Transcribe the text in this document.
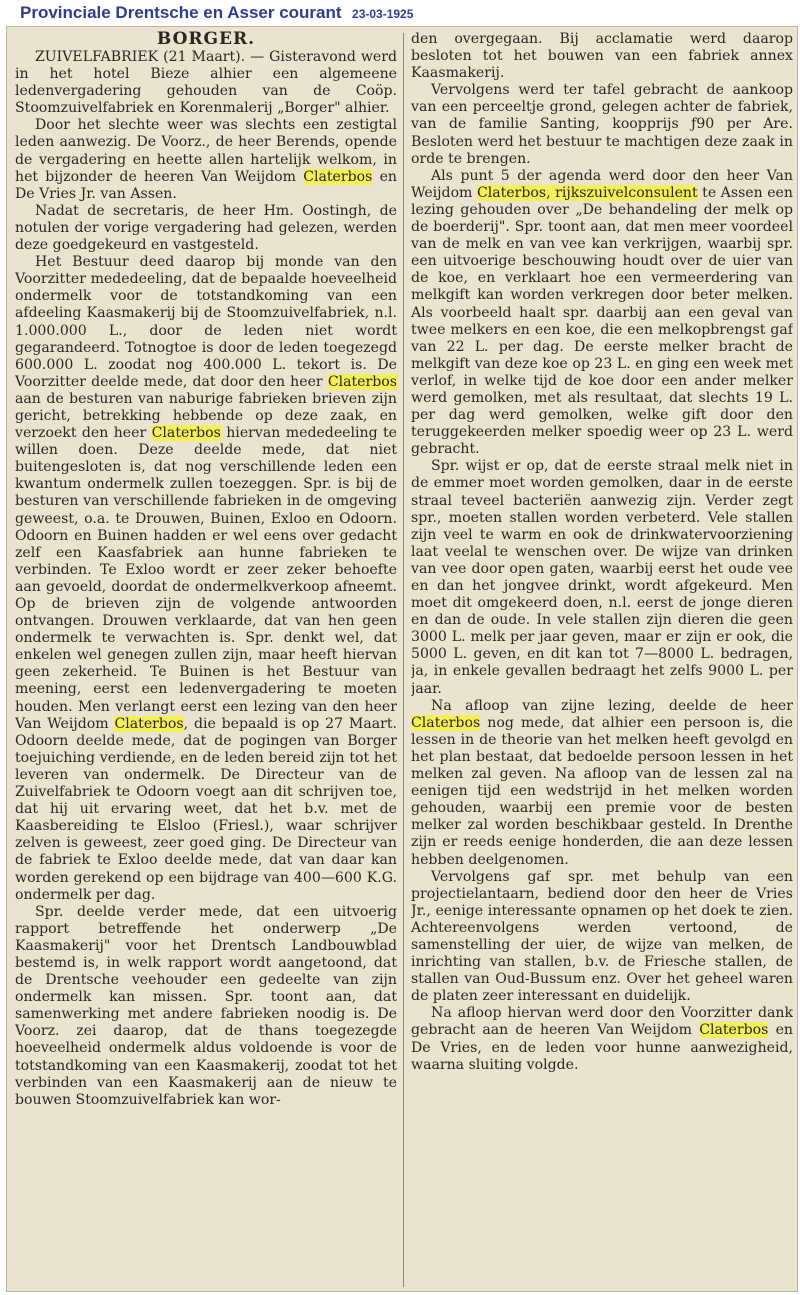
Provinciale Drentsche en Asser courant 23-03-1925
BORGER.

ZUIVELFABRIEK (21 Maart). — Gisteravond werd in het hotel Bieze alhier een algemeene ledenvergadering gehouden van de Coöp. Stoomzuivelfabriek en Korenmalerij „Borger" alhier.

Door het slechte weer was slechts een zestigtal leden aanwezig. De Voorz., de heer Berends, opende de vergadering en heette allen hartelijk welkom, in het bijzonder de heeren Van Weijdom Claterbos en De Vries Jr. van Assen.

Nadat de secretaris, de heer Hm. Oostingh, de notulen der vorige vergadering had gelezen, werden deze goedgekeurd en vastgesteld.

Het Bestuur deed daarop bij monde van den Voorzitter mededeeling, dat de bepaalde hoeveelheid ondermelk voor de totstandkoming van een afdeeling Kaasmakerij bij de Stoomzuivelfabriek, n.l. 1.000.000 L., door de leden niet wordt gegarandeerd. Totnogtoe is door de leden toegezegd 600.000 L. zoodat nog 400.000 L. tekort is. De Voorzitter deelde mede, dat door den heer Claterbos aan de besturen van naburige fabrieken brieven zijn gericht, betrekking hebbende op deze zaak, en verzoekt den heer Claterbos hiervan mededeeling te willen doen. Deze deelde mede, dat niet buitengesloten is, dat nog verschillende leden een kwantum ondermelk zullen toezeggen. Spr. is bij de besturen van verschillende fabrieken in de omgeving geweest, o.a. te Drouwen, Buinen, Exloo en Odoorn. Odoorn en Buinen hadden er wel eens over gedacht zelf een Kaasfabriek aan hunne fabrieken te verbinden. Te Exloo wordt er zeer zeker behoefte aan gevoeld, doordat de ondermelkverkoop afneemt. Op de brieven zijn de volgende antwoorden ontvangen. Drouwen verklaarde, dat van hen geen ondermelk te verwachten is. Spr. denkt wel, dat enkelen wel genegen zullen zijn, maar heeft hiervan geen zekerheid. Te Buinen is het Bestuur van meening, eerst een ledenvergadering te moeten houden. Men verlangt eerst een lezing van den heer Van Weijdom Claterbos, die bepaald is op 27 Maart. Odoorn deelde mede, dat de pogingen van Borger toejuiching verdiende, en de leden bereid zijn tot het leveren van ondermelk. De Directeur van de Zuivelfabriek te Odoorn voegt aan dit schrijven toe, dat hij uit ervaring weet, dat het b.v. met de Kaasbereiding te Elsloo (Friesl.), waar schrijver zelven is geweest, zeer goed ging. De Directeur van de fabriek te Exloo deelde mede, dat van daar kan worden gerekend op een bijdrage van 400—600 K.G. ondermelk per dag.

Spr. deelde verder mede, dat een uitvoerig rapport betreffende het onderwerp „De Kaasmakerij" voor het Drentsch Landbouwblad bestemd is, in welk rapport wordt aangetoond, dat de Drentsche veehouder een gedeelte van zijn ondermelk kan missen. Spr. toont aan, dat samenwerking met andere fabrieken noodig is. De Voorz. zei daarop, dat de thans toegezegde hoeveelheid ondermelk aldus voldoende is voor de totstandkoming van een Kaasmakerij, zoodat tot het verbinden van een Kaasmakerij aan de nieuw te bouwen Stoomzuivelfabriek kan wor-

den overgegaan. Bij acclamatie werd daarop besloten tot het bouwen van een fabriek annex Kaasmakerij.

Vervolgens werd ter tafel gebracht de aankoop van een perceeltje grond, gelegen achter de fabriek, van de familie Santing, koopprijs ƒ90 per Are. Besloten werd het bestuur te machtigen deze zaak in orde te brengen.

Als punt 5 der agenda werd door den heer Van Weijdom Claterbos, rijkszuivelconsulent te Assen een lezing gehouden over „De behandeling der melk op de boerderij". Spr. toont aan, dat men meer voordeel van de melk en van vee kan verkrijgen, waarbij spr. een uitvoerige beschouwing houdt over de uier van de koe, en verklaart hoe een vermeerdering van melkgift kan worden verkregen door beter melken. Als voorbeeld haalt spr. daarbij aan een geval van twee melkers en een koe, die een melkopbrengst gaf van 22 L. per dag. De eerste melker bracht de melkgift van deze koe op 23 L. en ging een week met verlof, in welke tijd de koe door een ander melker werd gemolken, met als resultaat, dat slechts 19 L. per dag werd gemolken, welke gift door den teruggekeerden melker spoedig weer op 23 L. werd gebracht.

Spr. wijst er op, dat de eerste straal melk niet in de emmer moet worden gemolken, daar in de eerste straal teveel bacteriën aanwezig zijn. Verder zegt spr., moeten stallen worden verbeterd. Vele stallen zijn veel te warm en ook de drinkwatervoorziening laat veelal te wenschen over. De wijze van drinken van vee door open gaten, waarbij eerst het oude vee en dan het jongvee drinkt, wordt afgekeurd. Men moet dit omgekeerd doen, n.l. eerst de jonge dieren en dan de oude. In vele stallen zijn dieren die geen 3000 L. melk per jaar geven, maar er zijn er ook, die 5000 L. geven, en dit kan tot 7—8000 L. bedragen, ja, in enkele gevallen bedraagt het zelfs 9000 L. per jaar.

Na afloop van zijne lezing, deelde de heer Claterbos nog mede, dat alhier een persoon is, die lessen in de theorie van het melken heeft gevolgd en het plan bestaat, dat bedoelde persoon lessen in het melken zal geven. Na afloop van de lessen zal na eenigen tijd een wedstrijd in het melken worden gehouden, waarbij een premie voor de besten melker zal worden beschikbaar gesteld. In Drenthe zijn er reeds eenige honderden, die aan deze lessen hebben deelgenomen.

Vervolgens gaf spr. met behulp van een projectielantaarn, bediend door den heer de Vries Jr., eenige interessante opnamen op het doek te zien. Achtereenvolgens werden vertoond, de samenstelling der uier, de wijze van melken, de inrichting van stallen, b.v. de Friesche stallen, de stallen van Oud-Bussum enz. Over het geheel waren de platen zeer interessant en duidelijk.

Na afloop hiervan werd door den Voorzitter dank gebracht aan de heeren Van Weijdom Claterbos en De Vries, en de leden voor hunne aanwezigheid, waarna sluiting volgde.
